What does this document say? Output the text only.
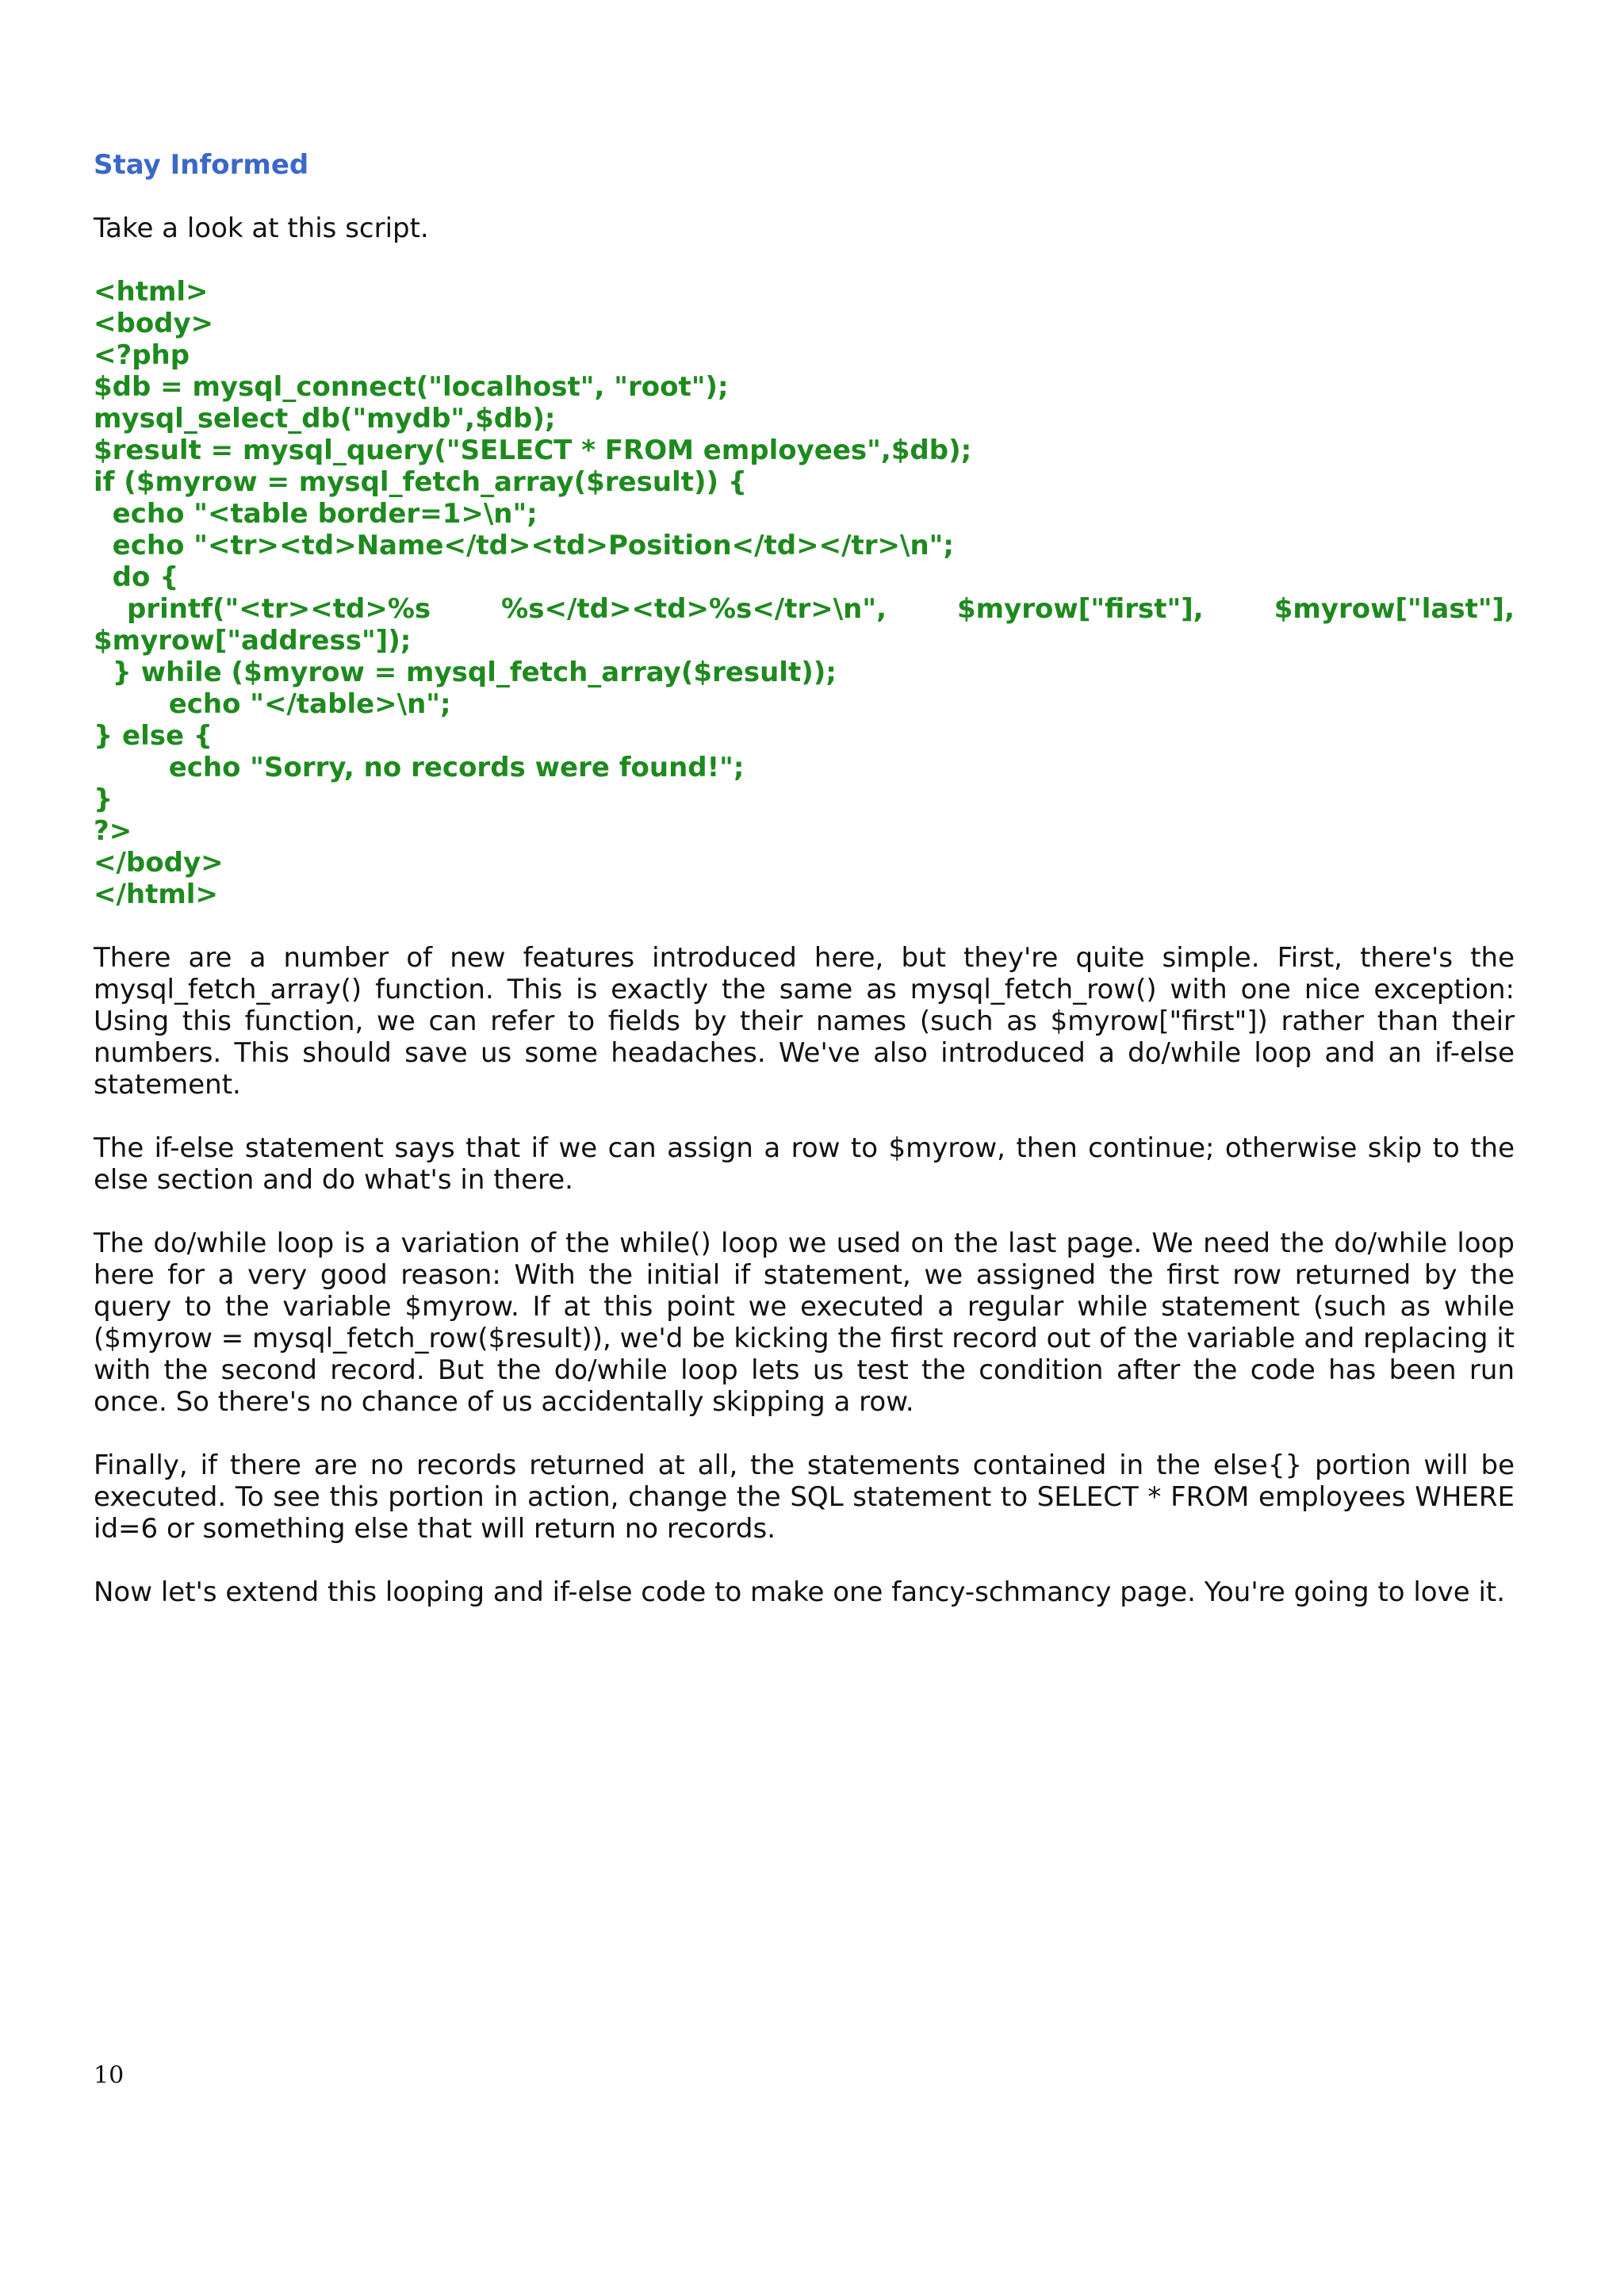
Stay Informed
Take a look at this script.
<html>
<body>
<?php
$db = mysql_connect("localhost", "root");
mysql_select_db("mydb",$db);
$result = mysql_query("SELECT * FROM employees",$db);
if ($myrow = mysql_fetch_array($result)) {
echo "<table border=1>\n";
echo "<tr><td>Name</td><td>Position</td></tr>\n";
do {
printf("<tr><td>%s %s</td><td>%s</tr>\n", $myrow["first"], $myrow["last"],
$myrow["address"]);
} while ($myrow = mysql_fetch_array($result));
echo "</table>\n";
} else {
echo "Sorry, no records were found!";
}
?>
</body>
</html>
There are a number of new features introduced here, but they're quite simple. First, there's the mysql_fetch_array() function. This is exactly the same as mysql_fetch_row() with one nice exception: Using this function, we can refer to fields by their names (such as $myrow["first"]) rather than their numbers. This should save us some headaches. We've also introduced a do/while loop and an if-else statement.
The if-else statement says that if we can assign a row to $myrow, then continue; otherwise skip to the else section and do what's in there.
The do/while loop is a variation of the while() loop we used on the last page. We need the do/while loop here for a very good reason: With the initial if statement, we assigned the first row returned by the query to the variable $myrow. If at this point we executed a regular while statement (such as while ($myrow = mysql_fetch_row($result)), we'd be kicking the first record out of the variable and replacing it with the second record. But the do/while loop lets us test the condition after the code has been run once. So there's no chance of us accidentally skipping a row.
Finally, if there are no records returned at all, the statements contained in the else{} portion will be executed. To see this portion in action, change the SQL statement to SELECT * FROM employees WHERE id=6 or something else that will return no records.
Now let's extend this looping and if-else code to make one fancy-schmancy page. You're going to love it.
10
